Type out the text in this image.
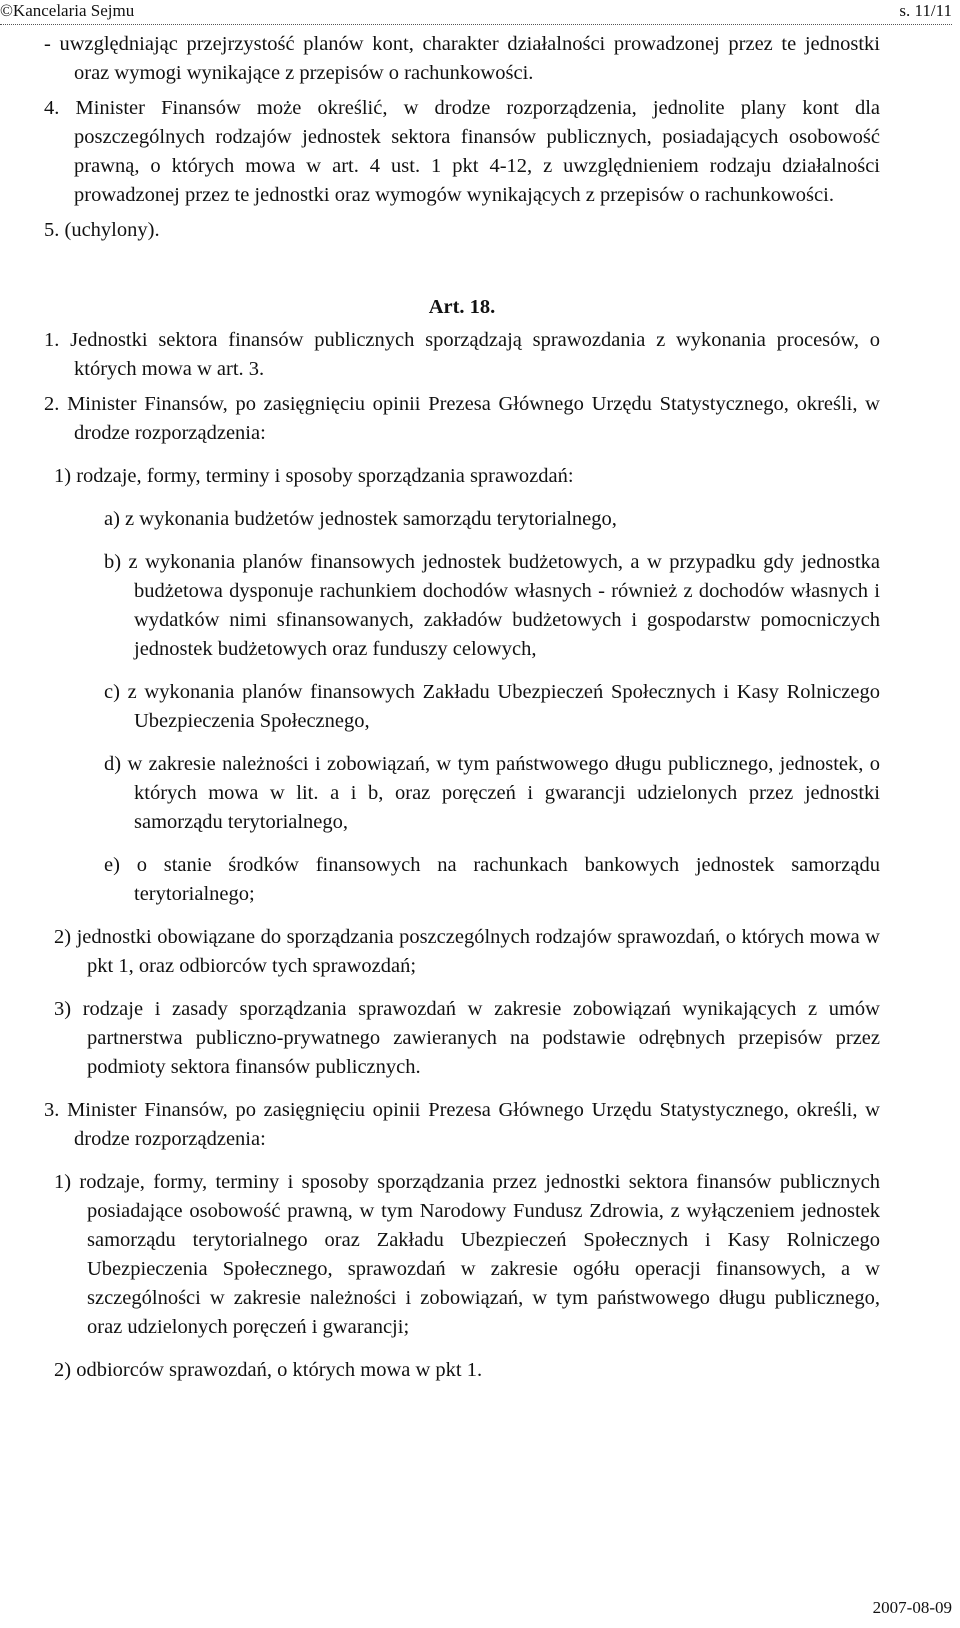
©Kancelaria Sejmu	s. 11/11

- uwzględniając przejrzystość planów kont, charakter działalności prowadzonej przez te jednostki oraz wymogi wynikające z przepisów o rachunkowości.

4. Minister Finansów może określić, w drodze rozporządzenia, jednolite plany kont dla poszczególnych rodzajów jednostek sektora finansów publicznych, posiadających osobowość prawną, o których mowa w art. 4 ust. 1 pkt 4-12, z uwzględnieniem rodzaju działalności prowadzonej przez te jednostki oraz wymogów wynikających z przepisów o rachunkowości.

5. (uchylony).

Art. 18.

1. Jednostki sektora finansów publicznych sporządzają sprawozdania z wykonania procesów, o których mowa w art. 3.

2. Minister Finansów, po zasięgnięciu opinii Prezesa Głównego Urzędu Statystycznego, określi, w drodze rozporządzenia:

1) rodzaje, formy, terminy i sposoby sporządzania sprawozdań:

a) z wykonania budżetów jednostek samorządu terytorialnego,

b) z wykonania planów finansowych jednostek budżetowych, a w przypadku gdy jednostka budżetowa dysponuje rachunkiem dochodów własnych - również z dochodów własnych i wydatków nimi sfinansowanych, zakładów budżetowych i gospodarstw pomocniczych jednostek budżetowych oraz funduszy celowych,

c) z wykonania planów finansowych Zakładu Ubezpieczeń Społecznych i Kasy Rolniczego Ubezpieczenia Społecznego,

d) w zakresie należności i zobowiązań, w tym państwowego długu publicznego, jednostek, o których mowa w lit. a i b, oraz poręczeń i gwarancji udzielonych przez jednostki samorządu terytorialnego,

e) o stanie środków finansowych na rachunkach bankowych jednostek samorządu terytorialnego;

2) jednostki obowiązane do sporządzania poszczególnych rodzajów sprawozdań, o których mowa w pkt 1, oraz odbiorców tych sprawozdań;

3) rodzaje i zasady sporządzania sprawozdań w zakresie zobowiązań wynikających z umów partnerstwa publiczno-prywatnego zawieranych na podstawie odrębnych przepisów przez podmioty sektora finansów publicznych.

3. Minister Finansów, po zasięgnięciu opinii Prezesa Głównego Urzędu Statystycznego, określi, w drodze rozporządzenia:

1) rodzaje, formy, terminy i sposoby sporządzania przez jednostki sektora finansów publicznych posiadające osobowość prawną, w tym Narodowy Fundusz Zdrowia, z wyłączeniem jednostek samorządu terytorialnego oraz Zakładu Ubezpieczeń Społecznych i Kasy Rolniczego Ubezpieczenia Społecznego, sprawozdań w zakresie ogółu operacji finansowych, a w szczególności w zakresie należności i zobowiązań, w tym państwowego długu publicznego, oraz udzielonych poręczeń i gwarancji;

2) odbiorców sprawozdań, o których mowa w pkt 1.

2007-08-09
